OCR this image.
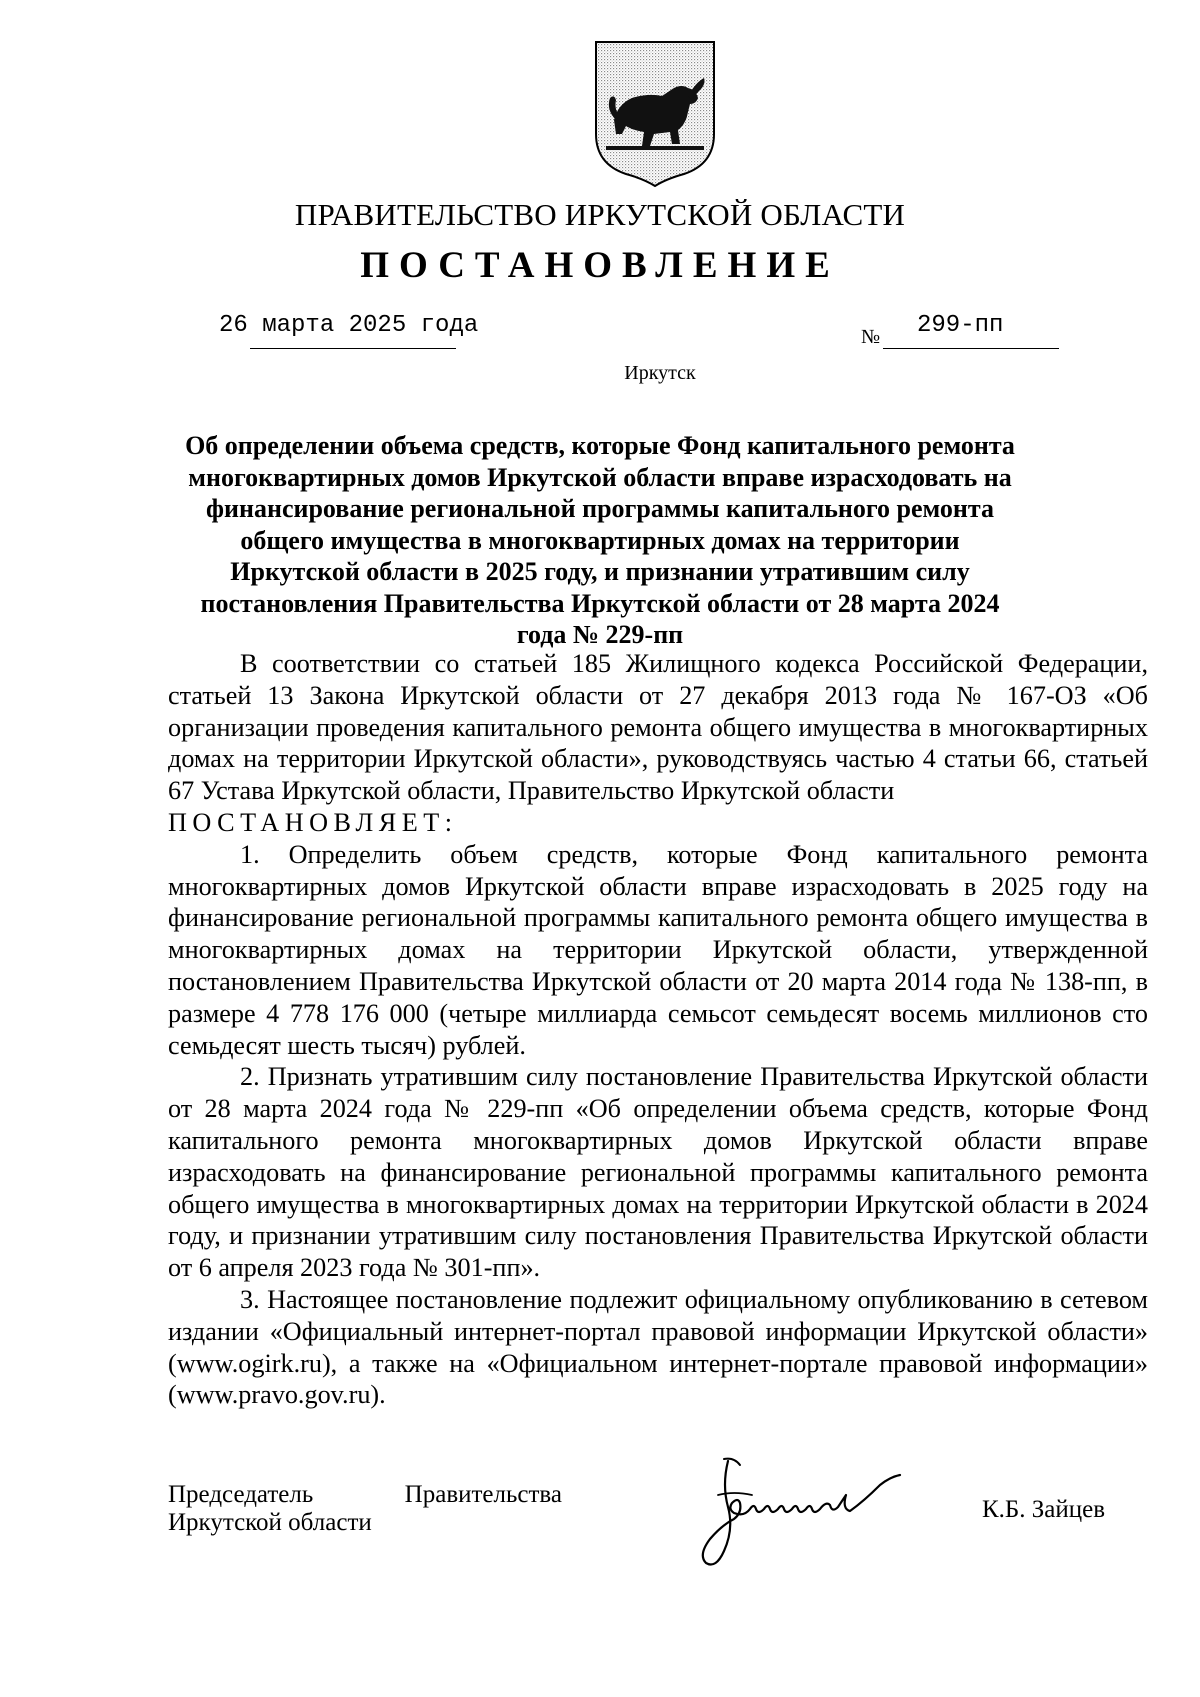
ПРАВИТЕЛЬСТВО ИРКУТСКОЙ ОБЛАСТИ
ПОСТАНОВЛЕНИЕ
26 марта 2025 года	№ 299-пп
Иркутск
Об определении объема средств, которые Фонд капитального ремонта многоквартирных домов Иркутской области вправе израсходовать на финансирование региональной программы капитального ремонта общего имущества в многоквартирных домах на территории Иркутской области в 2025 году, и признании утратившим силу постановления Правительства Иркутской области от 28 марта 2024 года № 229-пп

В соответствии со статьей 185 Жилищного кодекса Российской Федерации, статьей 13 Закона Иркутской области от 27 декабря 2013 года № 167-ОЗ «Об организации проведения капитального ремонта общего имущества в многоквартирных домах на территории Иркутской области», руководствуясь частью 4 статьи 66, статьей 67 Устава Иркутской области, Правительство Иркутской области

ПОСТАНОВЛЯЕТ:

1. Определить объем средств, которые Фонд капитального ремонта многоквартирных домов Иркутской области вправе израсходовать в 2025 году на финансирование региональной программы капитального ремонта общего имущества в многоквартирных домах на территории Иркутской области, утвержденной постановлением Правительства Иркутской области от 20 марта 2014 года № 138-пп, в размере 4 778 176 000 (четыре миллиарда семьсот семьдесят восемь миллионов сто семьдесят шесть тысяч) рублей.

2. Признать утратившим силу постановление Правительства Иркутской области от 28 марта 2024 года № 229-пп «Об определении объема средств, которые Фонд капитального ремонта многоквартирных домов Иркутской области вправе израсходовать на финансирование региональной программы капитального ремонта общего имущества в многоквартирных домах на территории Иркутской области в 2024 году, и признании утратившим силу постановления Правительства Иркутской области от 6 апреля 2023 года № 301-пп».

3. Настоящее постановление подлежит официальному опубликованию в сетевом издании «Официальный интернет-портал правовой информации Иркутской области» (www.ogirk.ru), а также на «Официальном интернет-портале правовой информации» (www.pravo.gov.ru).

Председатель	Правительства
Иркутской области	К.Б. Зайцев
